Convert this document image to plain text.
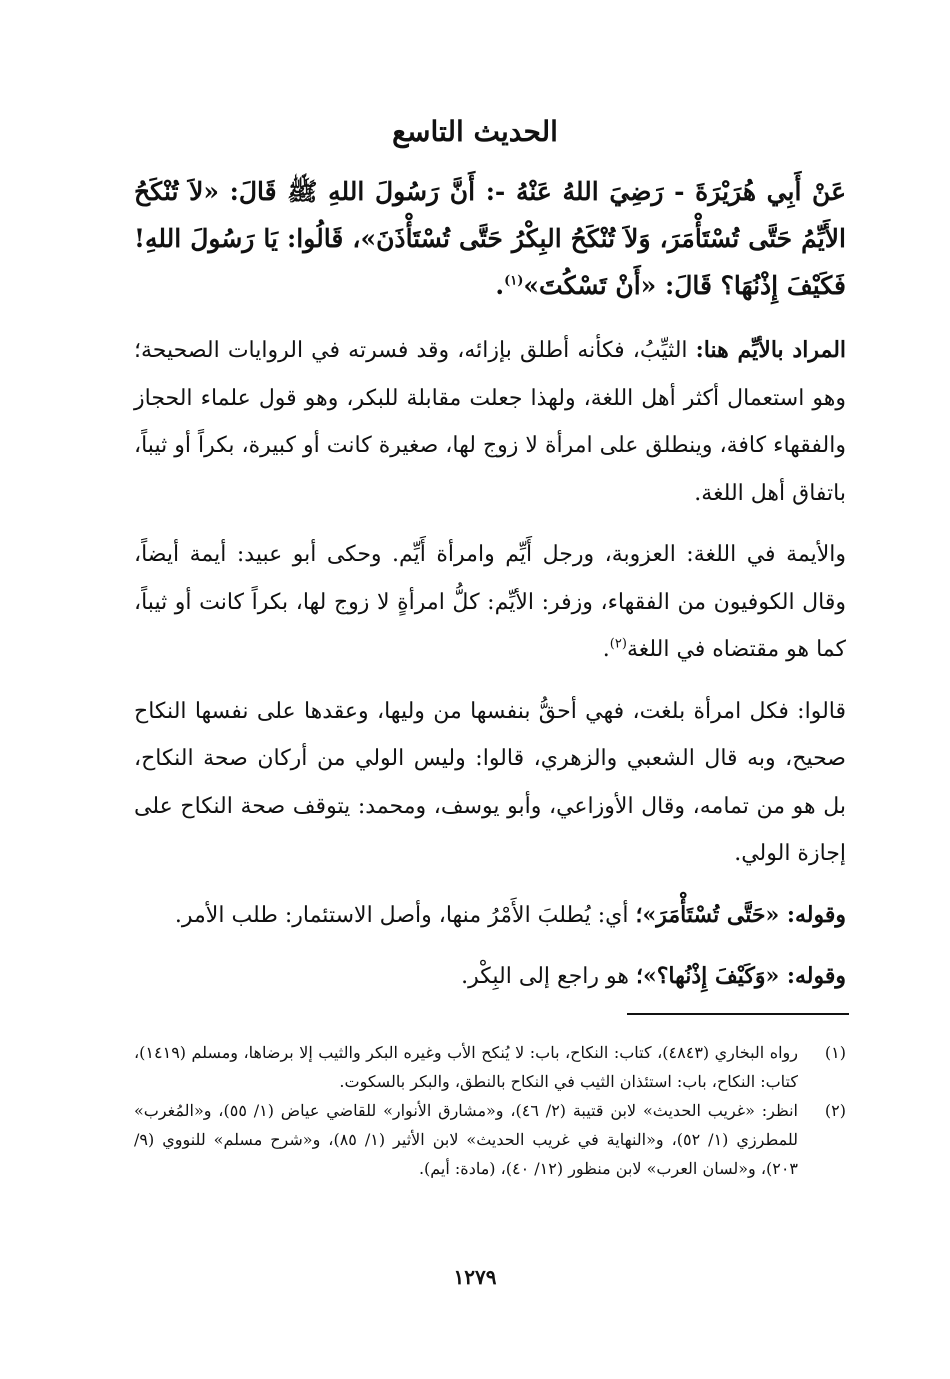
الحديث التاسع

عَنْ أَبِي هُرَيْرَةَ - رَضِيَ اللهُ عَنْهُ -: أَنَّ رَسُولَ اللهِ ﷺ قَالَ: «لاَ تُنْكَحُ الأَيِّمُ حَتَّى تُسْتَأْمَرَ، وَلاَ تُنْكَحُ البِكْرُ حَتَّى تُسْتَأْذَنَ»، قَالُوا: يَا رَسُولَ اللهِ! فَكَيْفَ إِذْنُهَا؟ قَالَ: «أَنْ تَسْكُتَ»$^{(١)}$.

المراد بالأيِّم هنا: الثيِّبُ، فكأنه أطلق بإزائه، وقد فسرته في الروايات الصحيحة؛ وهو استعمال أكثر أهل اللغة، ولهذا جعلت مقابلة للبكر، وهو قول علماء الحجاز والفقهاء كافة، وينطلق على امرأة لا زوج لها، صغيرة كانت أو كبيرة، بكراً أو ثيباً، باتفاق أهل اللغة.

والأيمة في اللغة: العزوبة، ورجل أَيِّم وامرأة أَيِّم. وحكى أبو عبيد: أيمة أيضاً، وقال الكوفيون من الفقهاء، وزفر: الأيِّم: كلُّ امرأةٍ لا زوج لها، بكراً كانت أو ثيباً، كما هو مقتضاه في اللغة$^{(٢)}$.

قالوا: فكل امرأة بلغت، فهي أحقُّ بنفسها من وليها، وعقدها على نفسها النكاح صحيح، وبه قال الشعبي والزهري، قالوا: وليس الولي من أركان صحة النكاح، بل هو من تمامه، وقال الأوزاعي، وأبو يوسف، ومحمد: يتوقف صحة النكاح على إجازة الولي.

وقوله: «حَتَّى تُسْتَأْمَرَ»؛ أي: يُطلبَ الأَمْرُ منها، وأصل الاستئمار: طلب الأمر.

وقوله: «وَكَيْفَ إِذْنُها؟»؛ هو راجع إلى البِكْر.

(١)
رواه البخاري (٤٨٤٣)، كتاب: النكاح، باب: لا يُنكح الأب وغيره البكر والثيب إلا برضاها، ومسلم (١٤١٩)، كتاب: النكاح، باب: استئذان الثيب في النكاح بالنطق، والبكر بالسكوت.
(٢)
انظر: «غريب الحديث» لابن قتيبة (٢/ ٤٦)، و«مشارق الأنوار» للقاضي عياض (١/ ٥٥)، و«المُغرب» للمطرزي (١/ ٥٢)، و«النهاية في غريب الحديث» لابن الأثير (١/ ٨٥)، و«شرح مسلم» للنووي (٩/ ٢٠٣)، و«لسان العرب» لابن منظور (١٢/ ٤٠)، (مادة: أيم).
١٢٧٩
